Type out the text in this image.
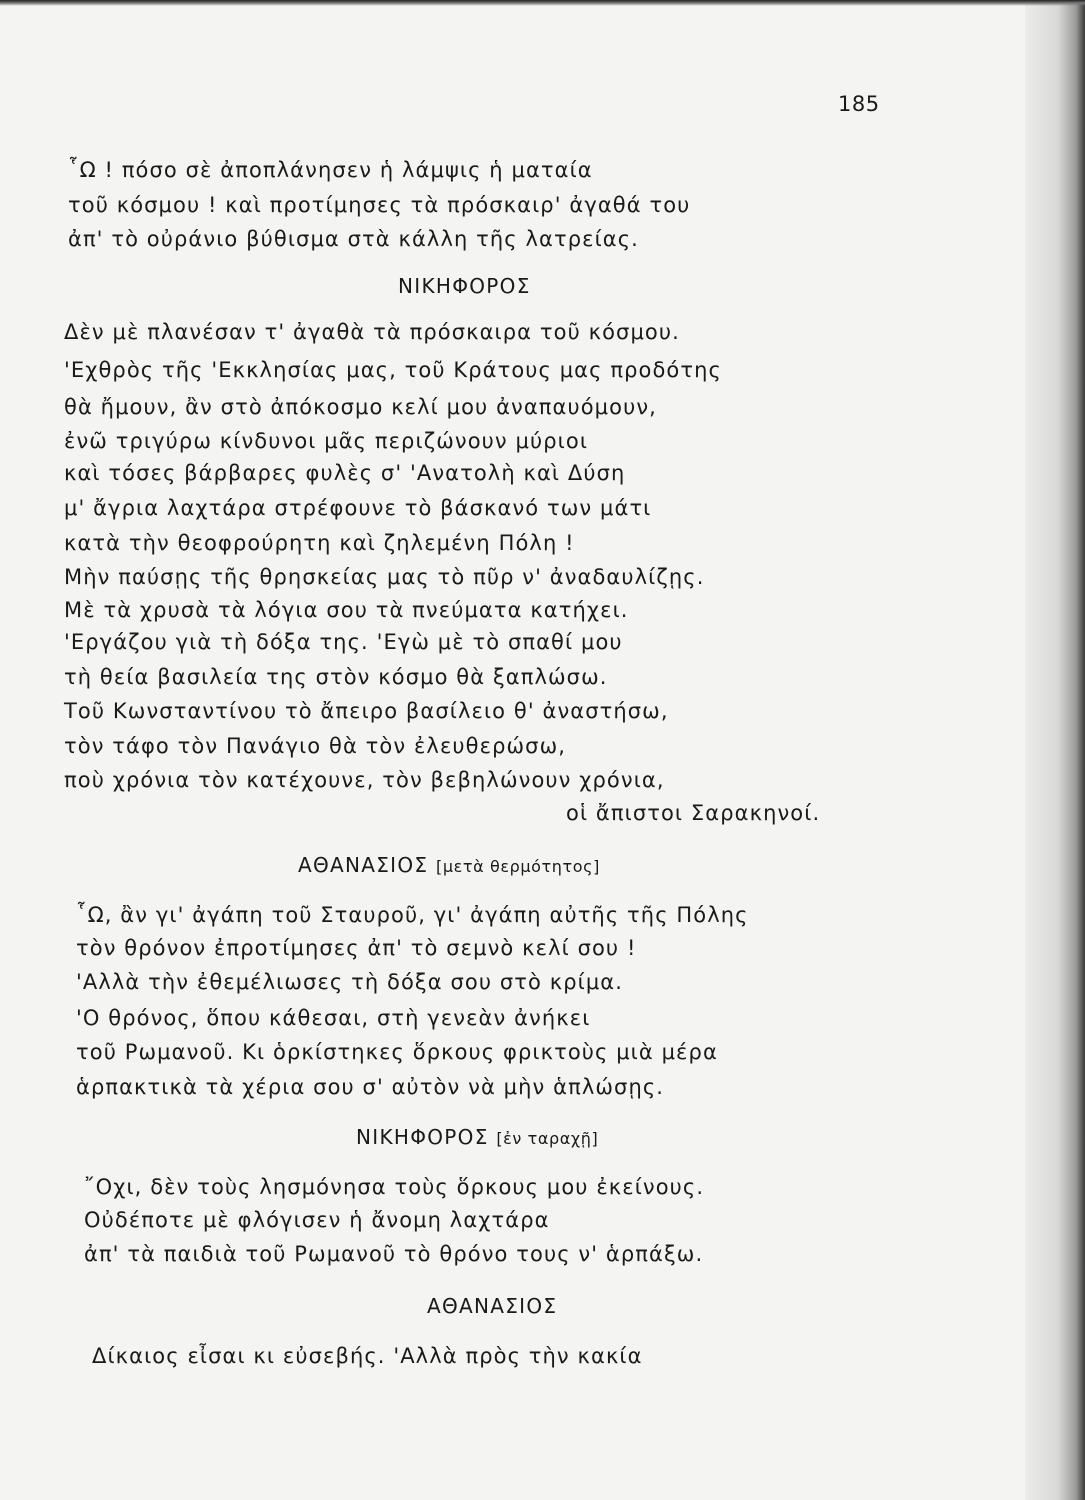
185
῟Ω ! πόσο σὲ ἀποπλάνησεν ἡ λάμψις ἡ ματαία
τοῦ κόσμου ! καὶ προτίμησες τὰ πρόσκαιρ' ἀγαθά του
ἀπ' τὸ οὐράνιο βύθισμα στὰ κάλλη τῆς λατρείας.
ΝΙΚΗΦΟΡΟΣ
Δὲν μὲ πλανέσαν τ' ἀγαθὰ τὰ πρόσκαιρα τοῦ κόσμου.
'Εχθρὸς τῆς 'Εκκλησίας μας, τοῦ Κράτους μας προδότης
θὰ ἤμουν, ἂν στὸ ἀπόκοσμο κελί μου ἀναπαυόμουν,
ἐνῶ τριγύρω κίνδυνοι μᾶς περιζώνουν μύριοι
καὶ τόσες βάρβαρες φυλὲς σ' 'Ανατολὴ καὶ Δύση
μ' ἄγρια λαχτάρα στρέφουνε τὸ βάσκανό των μάτι
κατὰ τὴν θεοφρούρητη καὶ ζηλεμένη Πόλη !
Μὴν παύσῃς τῆς θρησκείας μας τὸ πῦρ ν' ἀναδαυλίζῃς.
Μὲ τὰ χρυσὰ τὰ λόγια σου τὰ πνεύματα κατήχει.
'Εργάζου γιὰ τὴ δόξα της. 'Εγὼ μὲ τὸ σπαθί μου
τὴ θεία βασιλεία της στὸν κόσμο θὰ ξαπλώσω.
Τοῦ Κωνσταντίνου τὸ ἄπειρο βασίλειο θ' ἀναστήσω,
τὸν τάφο τὸν Πανάγιο θὰ τὸν ἐλευθερώσω,
ποὺ χρόνια τὸν κατέχουνε, τὸν βεβηλώνουν χρόνια,
οἱ ἄπιστοι Σαρακηνοί.
ΑΘΑΝΑΣΙΟΣ [μετὰ θερμότητος]
῟Ω, ἂν γι' ἀγάπη τοῦ Σταυροῦ, γι' ἀγάπη αὐτῆς τῆς Πόλης
τὸν θρόνον ἐπροτίμησες ἀπ' τὸ σεμνὸ κελί σου !
'Αλλὰ τὴν ἐθεμέλιωσες τὴ δόξα σου στὸ κρίμα.
'Ο θρόνος, ὅπου κάθεσαι, στὴ γενεὰν ἀνήκει
τοῦ Ρωμανοῦ. Κι ὁρκίστηκες ὅρκους φρικτοὺς μιὰ μέρα
ἁρπακτικὰ τὰ χέρια σου σ' αὐτὸν νὰ μὴν ἁπλώσῃς.
ΝΙΚΗΦΟΡΟΣ [ἐν ταραχῇ]
῎Οχι, δὲν τοὺς λησμόνησα τοὺς ὅρκους μου ἐκείνους.
Οὐδέποτε μὲ φλόγισεν ἡ ἄνομη λαχτάρα
ἀπ' τὰ παιδιὰ τοῦ Ρωμανοῦ τὸ θρόνο τους ν' ἁρπάξω.
ΑΘΑΝΑΣΙΟΣ
Δίκαιος εἶσαι κι εὐσεβής. 'Αλλὰ πρὸς τὴν κακία
